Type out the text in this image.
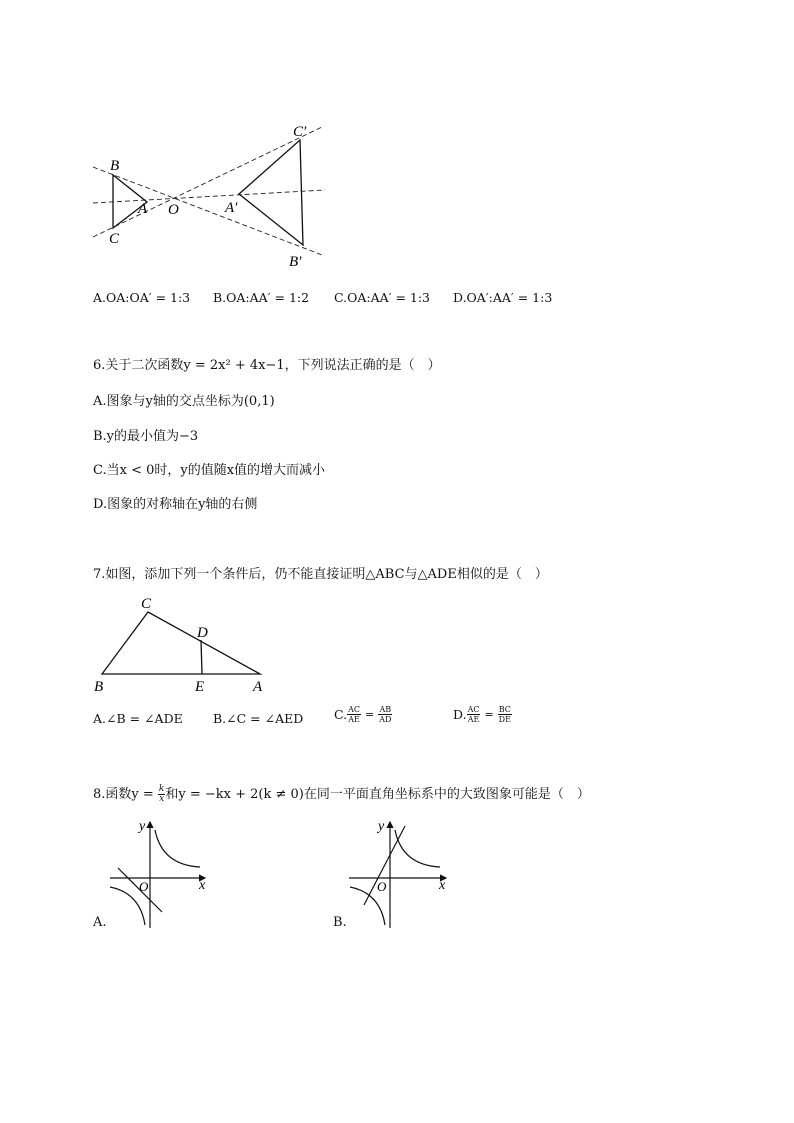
B
C
A O	A′
B′
C′
A.OA:OA′ = 1:3 B.OA:AA′ = 1:2 C.OA:AA′ = 1:3 D.OA′:AA′ = 1:3
6.关于二次函数y = 2x² + 4x−1，下列说法正确的是（　）
A.图象与y轴的交点坐标为(0,1)
B.y的最小值为−3
C.当x < 0时，y的值随x值的增大而减小
D.图象的对称轴在y轴的右侧
7.如图，添加下列一个条件后，仍不能直接证明△ABC与△ADE相似的是（　）
C
D
B	E	A
A.∠B = ∠ADE B.∠C = ∠AED C. $\frac{AC}{AE} = \frac{AB}{AD}$	D. $\frac{AC}{AE} = \frac{BC}{DE}$
8.函数$y = \frac{k}{x}$ 和y = −kx + 2(k ≠ 0)在同一平面直角坐标系中的大致图象可能是（　）
y
x
O
A.
y
x
O
B.
